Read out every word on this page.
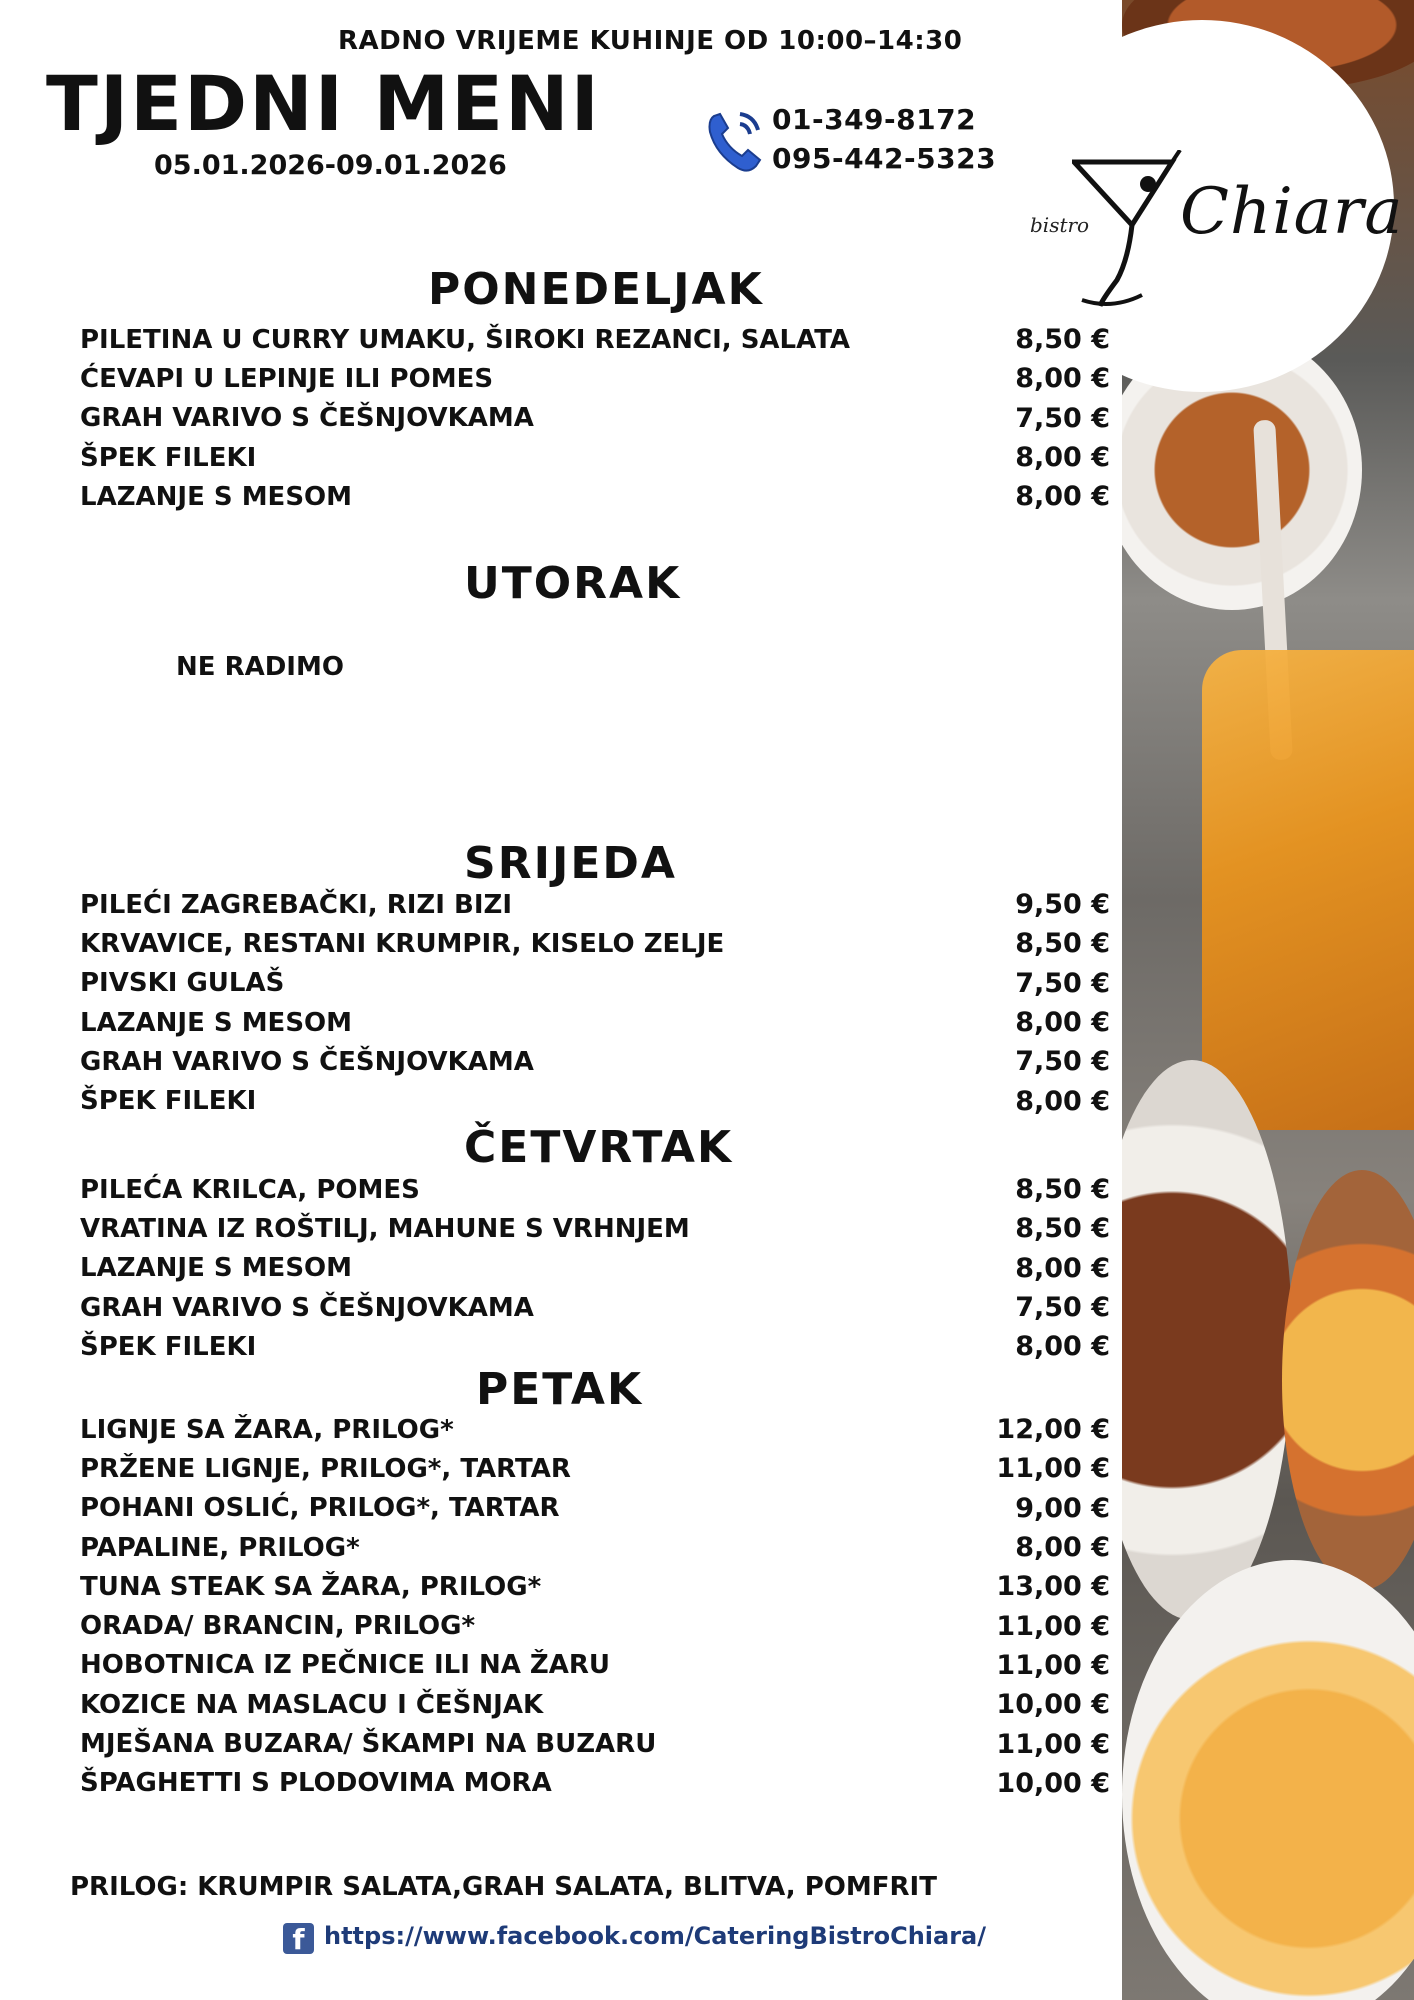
bistro Chiara
RADNO VRIJEME KUHINJE OD 10:00–14:30
TJEDNI MENI
05.01.2026-09.01.2026
01-349-8172
095-442-5323
PONEDELJAK
PILETINA U CURRY UMAKU, ŠIROKI REZANCI, SALATA	8,50 €
ĆEVAPI U LEPINJE ILI POMES	8,00 €
GRAH VARIVO S ČEŠNJOVKAMA	7,50 €
ŠPEK FILEKI	8,00 €
LAZANJE S MESOM	8,00 €
UTORAK
NE RADIMO
SRIJEDA
PILEĆI ZAGREBAČKI, RIZI BIZI	9,50 €
KRVAVICE, RESTANI KRUMPIR, KISELO ZELJE	8,50 €
PIVSKI GULAŠ	7,50 €
LAZANJE S MESOM	8,00 €
GRAH VARIVO S ČEŠNJOVKAMA	7,50 €
ŠPEK FILEKI	8,00 €
ČETVRTAK
PILEĆA KRILCA, POMES	8,50 €
VRATINA IZ ROŠTILJ, MAHUNE S VRHNJEM	8,50 €
LAZANJE S MESOM	8,00 €
GRAH VARIVO S ČEŠNJOVKAMA	7,50 €
ŠPEK FILEKI	8,00 €
PETAK
LIGNJE SA ŽARA, PRILOG*	12,00 €
PRŽENE LIGNJE, PRILOG*, TARTAR	11,00 €
POHANI OSLIĆ, PRILOG*, TARTAR	9,00 €
PAPALINE, PRILOG*	8,00 €
TUNA STEAK SA ŽARA, PRILOG*	13,00 €
ORADA/ BRANCIN, PRILOG*	11,00 €
HOBOTNICA IZ PEČNICE ILI NA ŽARU	11,00 €
KOZICE NA MASLACU I ČEŠNJAK	10,00 €
MJEŠANA BUZARA/ ŠKAMPI NA BUZARU	11,00 €
ŠPAGHETTI S PLODOVIMA MORA	10,00 €
PRILOG: KRUMPIR SALATA,GRAH SALATA, BLITVA, POMFRIT
f https://www.facebook.com/CateringBistroChiara/
